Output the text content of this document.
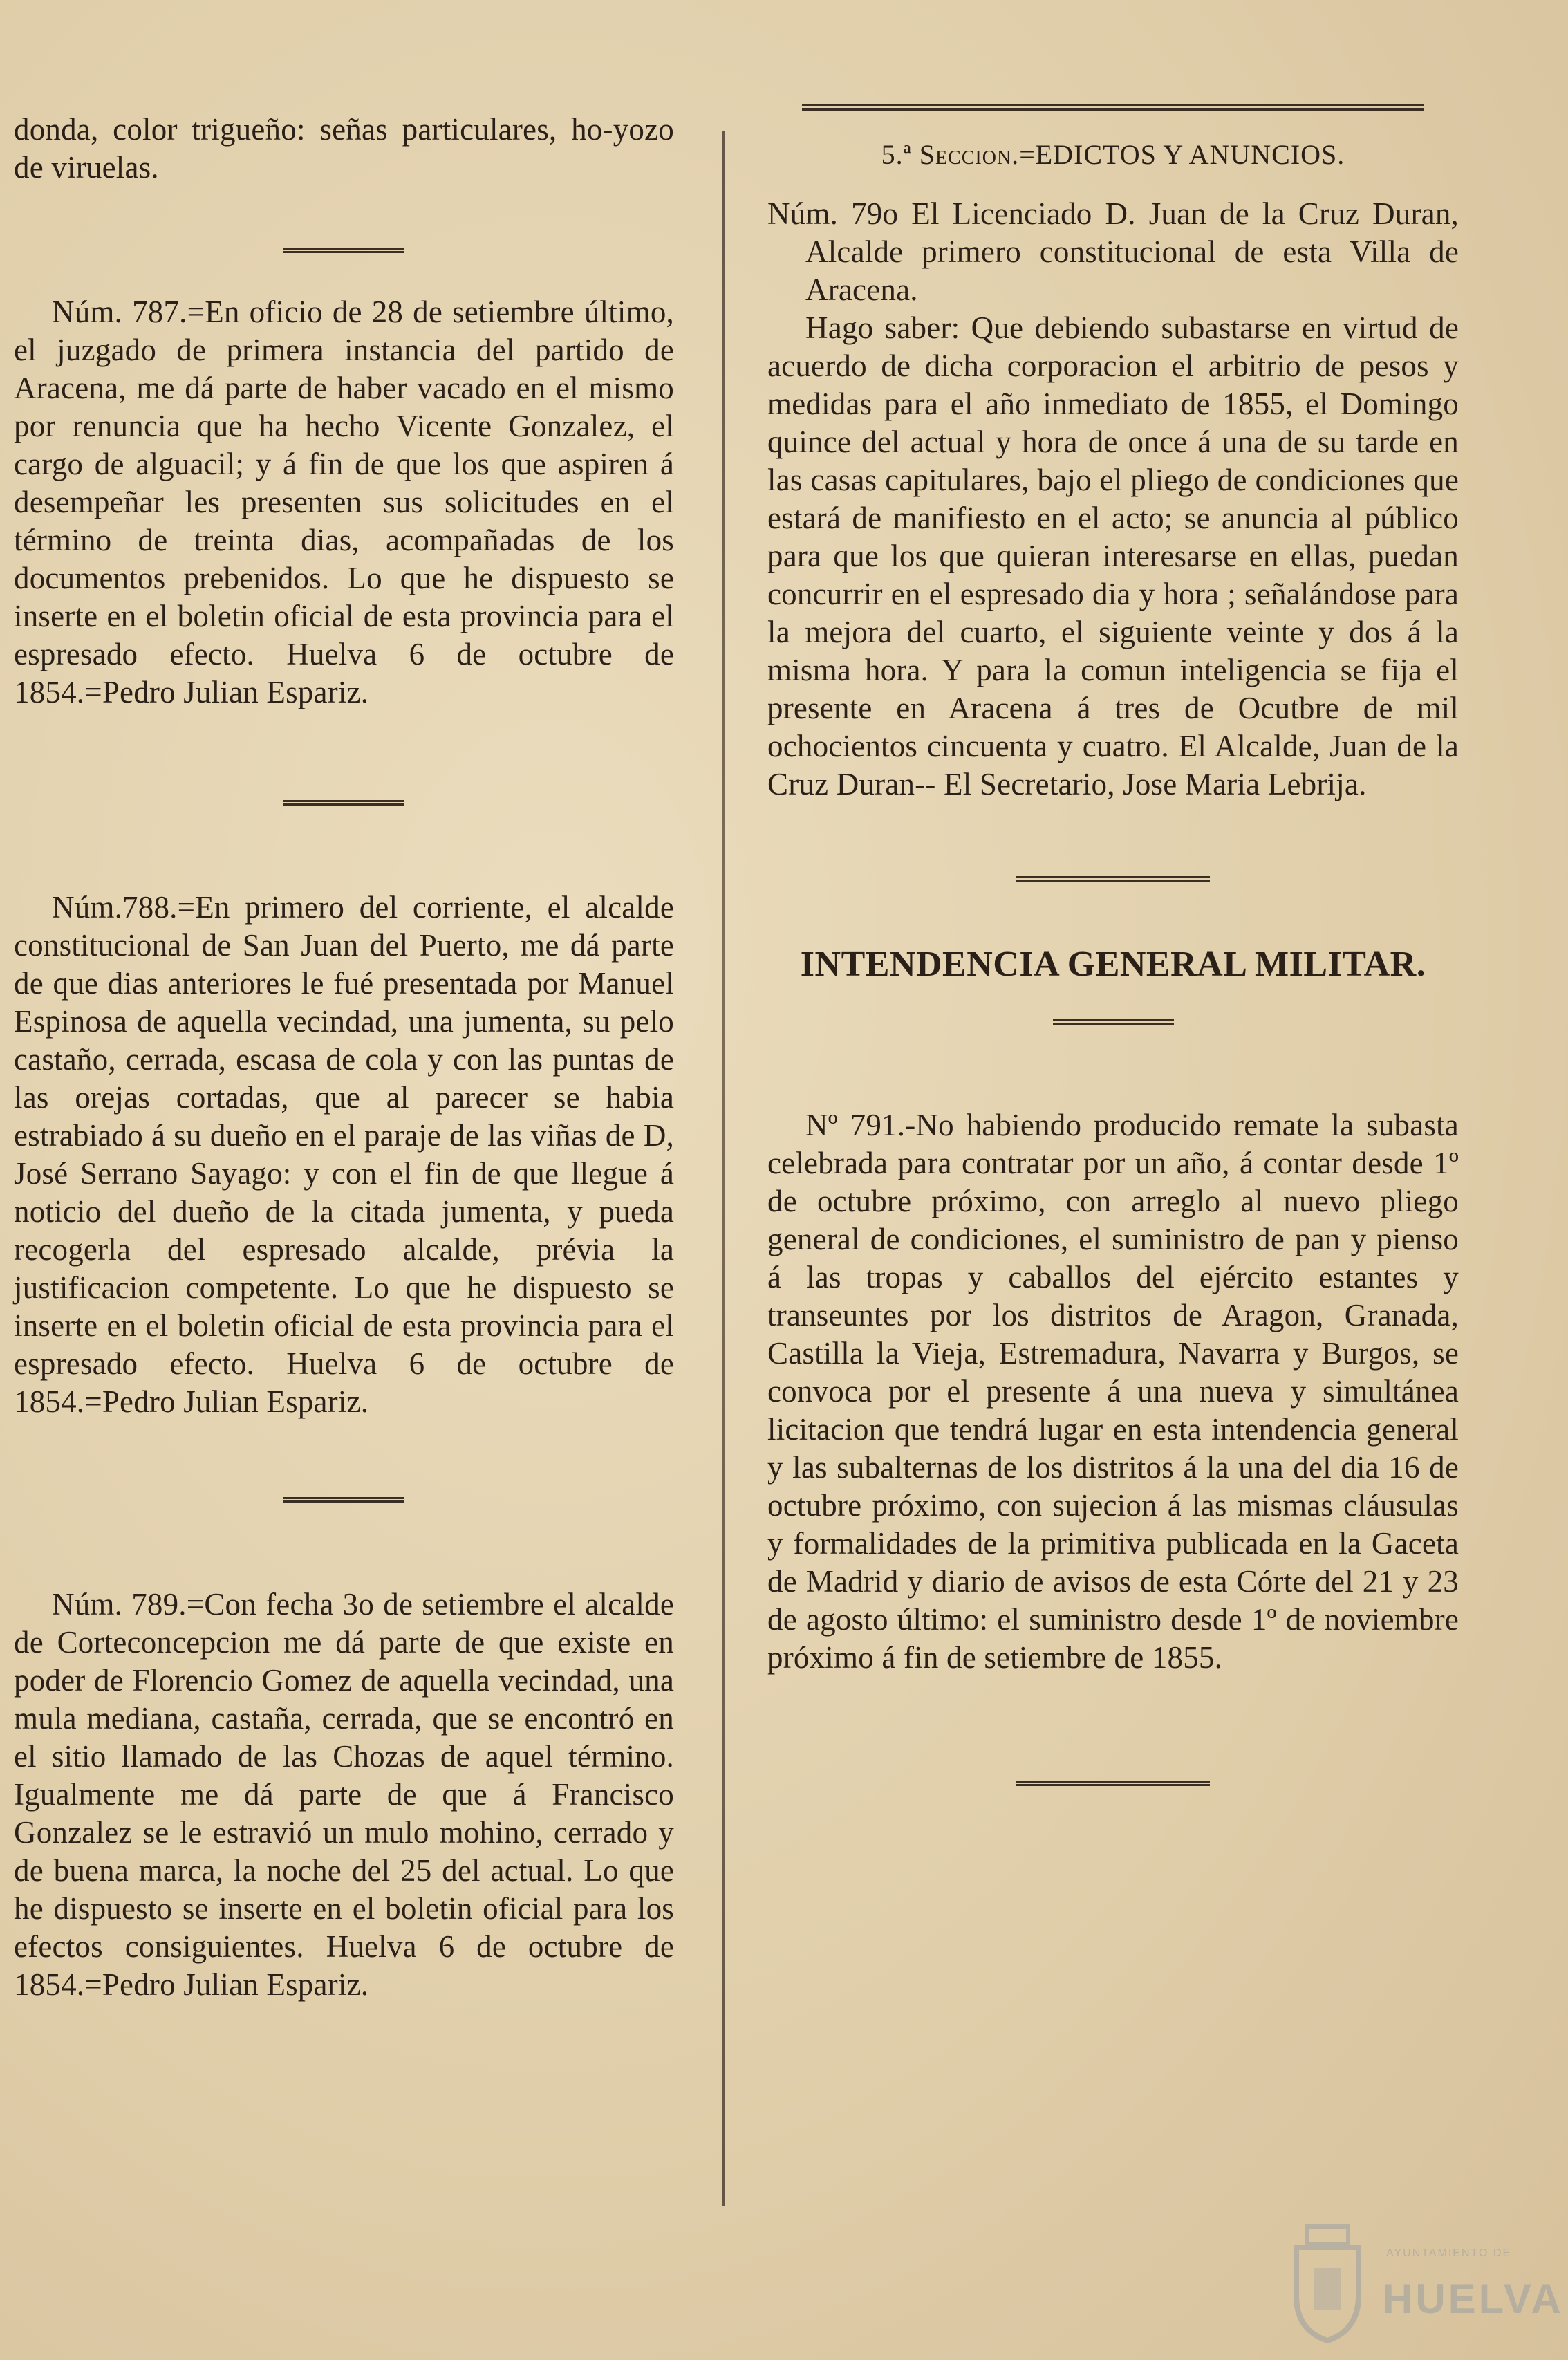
donda, color trigueño: señas particulares, ho-yozo de viruelas.

Núm. 787.=En oficio de 28 de setiembre último, el juzgado de primera instancia del partido de Aracena, me dá parte de haber vacado en el mismo por renuncia que ha hecho Vicente Gonzalez, el cargo de alguacil; y á fin de que los que aspiren á desempeñar les presenten sus solicitudes en el término de treinta dias, acompañadas de los documentos prebenidos. Lo que he dispuesto se inserte en el boletin oficial de esta provincia para el espresado efecto. Huelva 6 de octubre de 1854.=Pedro Julian Espariz.

Núm.788.=En primero del corriente, el alcalde constitucional de San Juan del Puerto, me dá parte de que dias anteriores le fué presentada por Manuel Espinosa de aquella vecindad, una jumenta, su pelo castaño, cerrada, escasa de cola y con las puntas de las orejas cortadas, que al parecer se habia estrabiado á su dueño en el paraje de las viñas de D, José Serrano Sayago: y con el fin de que llegue á noticio del dueño de la citada jumenta, y pueda recogerla del espresado alcalde, prévia la justificacion competente. Lo que he dispuesto se inserte en el boletin oficial de esta provincia para el espresado efecto. Huelva 6 de octubre de 1854.=Pedro Julian Espariz.

Núm. 789.=Con fecha 3o de setiembre el alcalde de Corteconcepcion me dá parte de que existe en poder de Florencio Gomez de aquella vecindad, una mula mediana, castaña, cerrada, que se encontró en el sitio llamado de las Chozas de aquel término. Igualmente me dá parte de que á Francisco Gonzalez se le estravió un mulo mohino, cerrado y de buena marca, la noche del 25 del actual. Lo que he dispuesto se inserte en el boletin oficial para los efectos consiguientes. Huelva 6 de octubre de 1854.=Pedro Julian Espariz.

5.ª Seccion.=EDICTOS Y ANUNCIOS.

Núm. 79o El Licenciado D. Juan de la Cruz Duran, Alcalde primero constitucional de esta Villa de Aracena.

Hago saber: Que debiendo subastarse en virtud de acuerdo de dicha corporacion el arbitrio de pesos y medidas para el año inmediato de 1855, el Domingo quince del actual y hora de once á una de su tarde en las casas capitulares, bajo el pliego de condiciones que estará de manifiesto en el acto; se anuncia al público para que los que quieran interesarse en ellas, puedan concurrir en el espresado dia y hora ; señalándose para la mejora del cuarto, el siguiente veinte y dos á la misma hora. Y para la comun inteligencia se fija el presente en Aracena á tres de Ocutbre de mil ochocientos cincuenta y cuatro. El Alcalde, Juan de la Cruz Duran-- El Secretario, Jose Maria Lebrija.

INTENDENCIA GENERAL MILITAR.

Nº 791.-No habiendo producido remate la subasta celebrada para contratar por un año, á contar desde 1º de octubre próximo, con arreglo al nuevo pliego general de condiciones, el suministro de pan y pienso á las tropas y caballos del ejército estantes y transeuntes por los distritos de Aragon, Granada, Castilla la Vieja, Estremadura, Navarra y Burgos, se convoca por el presente á una nueva y simultánea licitacion que tendrá lugar en esta intendencia general y las subalternas de los distritos á la una del dia 16 de octubre próximo, con sujecion á las mismas cláusulas y formalidades de la primitiva publicada en la Gaceta de Madrid y diario de avisos de esta Córte del 21 y 23 de agosto último: el suministro desde 1º de noviembre próximo á fin de setiembre de 1855.

AYUNTAMIENTO DE
HUELVA
